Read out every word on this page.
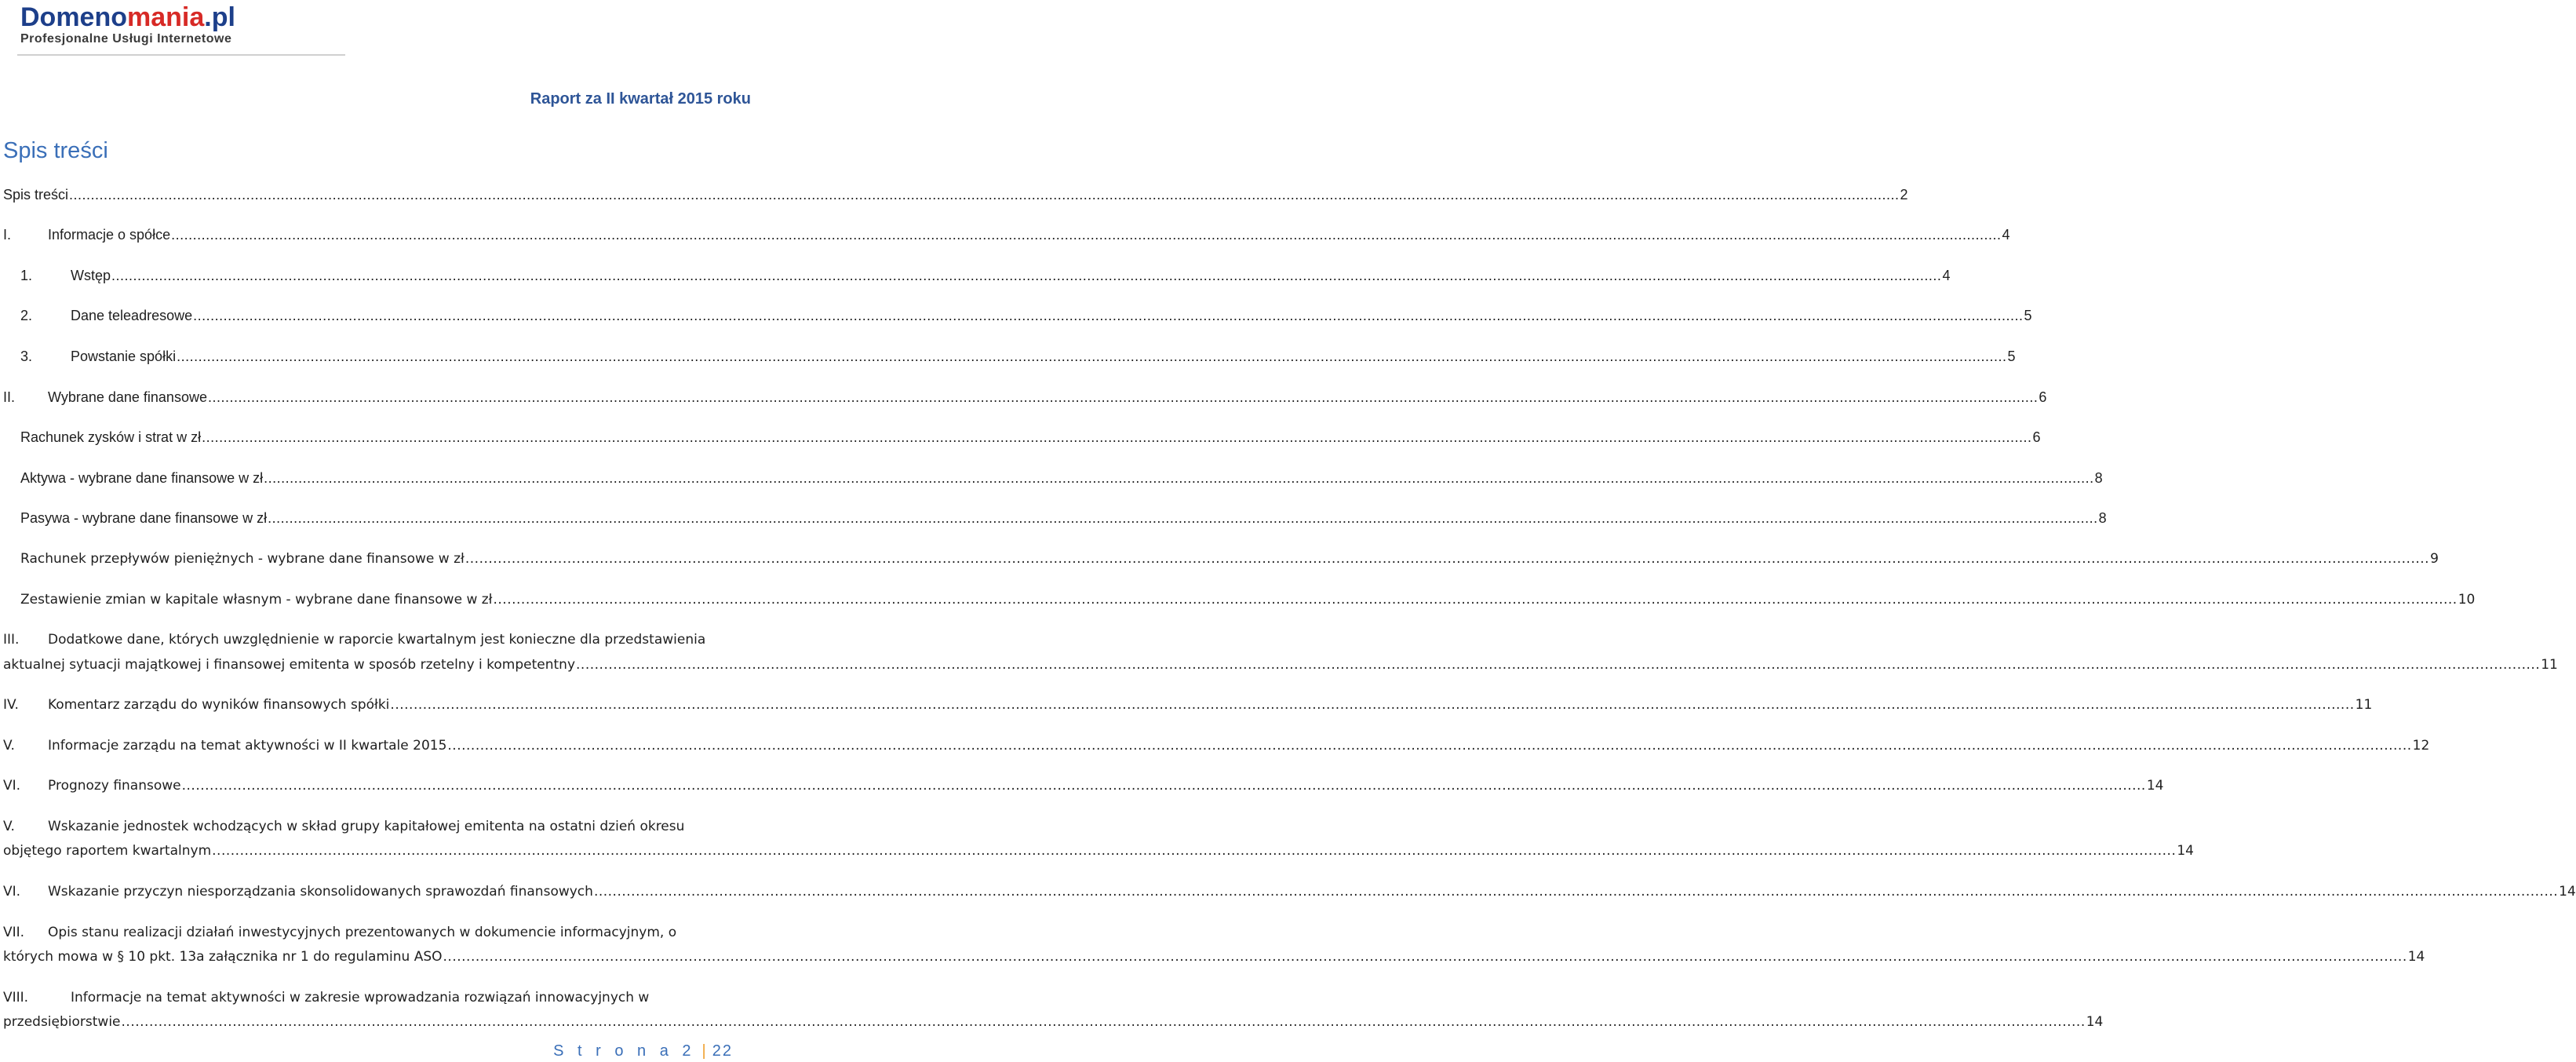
Domenomania.pl
Profesjonalne Usługi Internetowe
Raport za II kwartał 2015 roku
Spis treści
Spis treści .....	2
I.	Informacje o spółce .....	4
1.	Wstęp .....	4
2.	Dane teleadresowe .....	5
3.	Powstanie spółki .....	5
II.	Wybrane dane finansowe .....	6
Rachunek zysków i strat w zł .....	6
Aktywa - wybrane dane finansowe w zł .....	8
Pasywa - wybrane dane finansowe w zł .....	8
Rachunek przepływów pieniężnych - wybrane dane finansowe w zł .....	9
Zestawienie zmian w kapitale własnym - wybrane dane finansowe w zł .....	10
III.	Dodatkowe dane, których uwzględnienie w raporcie kwartalnym jest konieczne dla przedstawienia
aktualnej sytuacji majątkowej i finansowej emitenta w sposób rzetelny i kompetentny .....	11
IV.	Komentarz zarządu do wyników finansowych spółki .....	11
V.	Informacje zarządu na temat aktywności w II kwartale 2015 .....	12
VI.	Prognozy finansowe .....	14
V.	Wskazanie jednostek wchodzących w skład grupy kapitałowej emitenta na ostatni dzień okresu
objętego raportem kwartalnym .....	14
VI.	Wskazanie przyczyn niesporządzania skonsolidowanych sprawozdań finansowych .....	14
VII.	Opis stanu realizacji działań inwestycyjnych prezentowanych w dokumencie informacyjnym, o
których mowa w § 10 pkt. 13a załącznika nr 1 do regulaminu ASO .....	14
VIII.	Informacje na temat aktywności w zakresie wprowadzania rozwiązań innowacyjnych w
przedsiębiorstwie .....	14
S t r o n a 2 | 22
